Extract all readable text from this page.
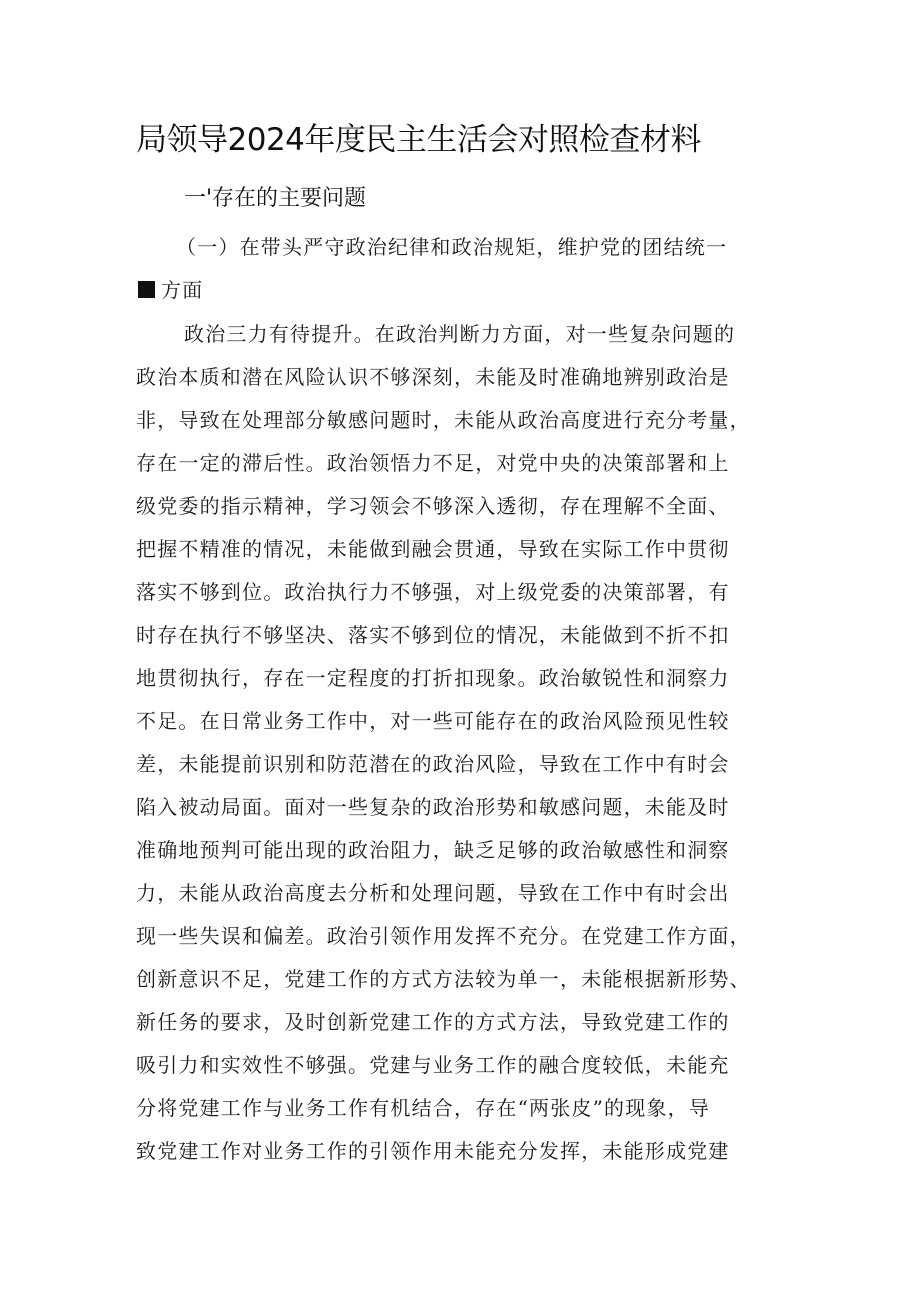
局领导2024年度民主生活会对照检查材料
一'存在的主要问题
（一）在带头严守政治纪律和政治规矩，维护党的团结统一
方面
政治三力有待提升。在政治判断力方面，对一些复杂问题的
政治本质和潜在风险认识不够深刻，未能及时准确地辨别政治是
非，导致在处理部分敏感问题时，未能从政治高度进行充分考量，
存在一定的滞后性。政治领悟力不足，对党中央的决策部署和上
级党委的指示精神，学习领会不够深入透彻，存在理解不全面、
把握不精准的情况，未能做到融会贯通，导致在实际工作中贯彻
落实不够到位。政治执行力不够强，对上级党委的决策部署，有
时存在执行不够坚决、落实不够到位的情况，未能做到不折不扣
地贯彻执行，存在一定程度的打折扣现象。政治敏锐性和洞察力
不足。在日常业务工作中，对一些可能存在的政治风险预见性较
差，未能提前识别和防范潜在的政治风险，导致在工作中有时会
陷入被动局面。面对一些复杂的政治形势和敏感问题，未能及时
准确地预判可能出现的政治阻力，缺乏足够的政治敏感性和洞察
力，未能从政治高度去分析和处理问题，导致在工作中有时会出
现一些失误和偏差。政治引领作用发挥不充分。在党建工作方面，
创新意识不足，党建工作的方式方法较为单一，未能根据新形势、
新任务的要求，及时创新党建工作的方式方法，导致党建工作的
吸引力和实效性不够强。党建与业务工作的融合度较低，未能充
分将党建工作与业务工作有机结合，存在“两张皮”的现象，导
致党建工作对业务工作的引领作用未能充分发挥，未能形成党建
